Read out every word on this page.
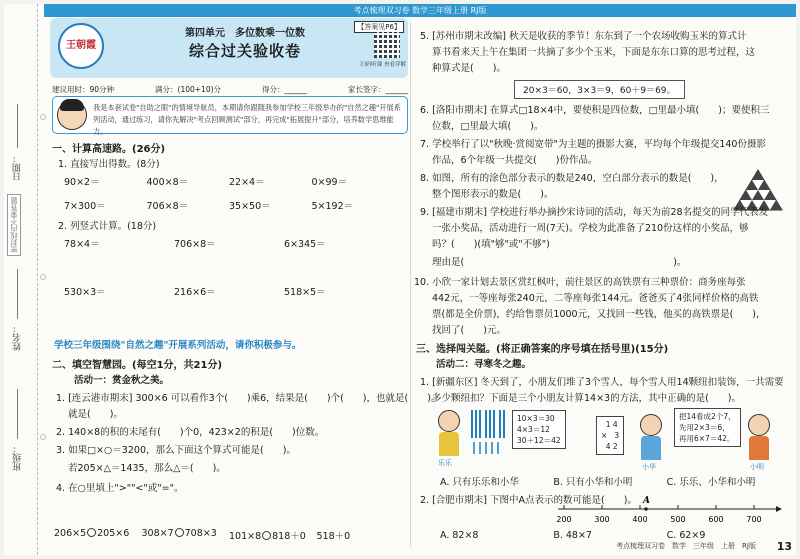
日期：
密封线内不要答题
姓名：
班级：
考点梳理双习卷 数学三年级上册 RJ版
王朝霞
第四单元　多位数乘一位数
综合过关验收卷
【答案见P6】
扫码听课 查看详解
建议用时：90分钟	满分：(100+10)分	得分：______	家长签字：______
我是本套试卷"自助之眼"的情境导航员，本期请你跟随我参加学校三年级举办的"自然之趣"开展系列活动，通过练习，请你先解决"考点回顾测试"部分，再完成"拓展提升"部分，培养数学思维能力。
一、计算高速路。(26分)
1. 直接写出得数。(8分)
90×2＝	400×8＝	22×4＝	0×99＝
7×300＝	706×8＝	35×50＝	5×192＝
2. 列竖式计算。(18分)
78×4＝	706×8＝	6×345＝
530×3＝	216×6＝	518×5＝
学校三年级围绕"自然之趣"开展系列活动，请你积极参与。
二、填空智慧园。(每空1分，共21分)
活动一：赏金秋之美。
1. [连云港市期末] 300×6 可以看作3个(　　)乘6，结果是(　　)个(　　)，也就是(　　)。
就是(　　)。
2. 140×8的积的末尾有(　　)个0，423×2的积是(　　)位数。
3. 如果□×○＝3200，那么下面这个算式可能是(　　)。
若205×△＝1435，那么△＝(　　)。
4. 在○里填上">""<"或"="。
206×5 205×6	308×7 708×3	101×8 818＋0	518＋0
5. [苏州市期末改编] 秋天是收获的季节！东东到了一个农场收购玉米的算式计
算书看来天上午在集团一共摘了多少个玉米，下面是东东口算的思考过程，这
种算式是(　　)。
20×3＝60，3×3＝9，60＋9＝69。
6. [洛阳市期末] 在算式□18×4中，要使积是四位数，□里最小填(　　)；要使积三
位数，□里最大填(　　)。
7. 学校举行了以"秋晚·赏阅宽带"为主题的摄影大赛，平均每个年级提交140份摄影
作品，6个年级一共提交(　　)份作品。
8. 如图，所有的涂色部分表示的数是240，空白部分表示的数是(　　)，
整个图形表示的数是(　　)。
9. [福建市期末] 学校进行举办摘抄宋诗词的活动，每天为前28名提交的同学代表发
一张小奖品，活动进行一周(7天)。学校为此准备了210份这样的小奖品，够
吗？(　　)(填"够"或"不够")
理由是(　　　　　　　　　　　　　　　　　　　　　　)。
10. 小欣一家计划去景区赏红枫叶，前往景区的高铁票有三种票价：商务座每张
442元，一等座每张240元，二等座每张144元。爸爸买了4张同样价格的高铁
票(都是全价票)，约给售票员1000元，又找回一些钱，他买的高铁票是(　　)，
找回了(　　)元。
三、选择闯关隘。(将正确答案的序号填在括号里)(15分)
活动二：寻寒冬之趣。
1. [新疆东区] 冬天到了，小朋友们堆了3个雪人，每个雪人用14颗纽扣装饰，一共需要
多少颗纽扣？下面是三个小朋友计算14×3的方法，其中正确的是(　　)。
乐乐
10×3＝30
4×3＝12
30＋12＝42
1 4
×   3
4 2
小华
把14看成2个7，
先用2×3＝6，
再用6×7＝42。
小明
A. 只有乐乐和小华	B. 只有小华和小明	C. 乐乐、小华和小明
2. [合肥市期末] 下图中A点表示的数可能是(　　)。
200	300	400	500	600	700
A
A. 82×8	B. 48×7	C. 62×9
考点梳理双习卷　数学　三年级　上册　RJ版 13
